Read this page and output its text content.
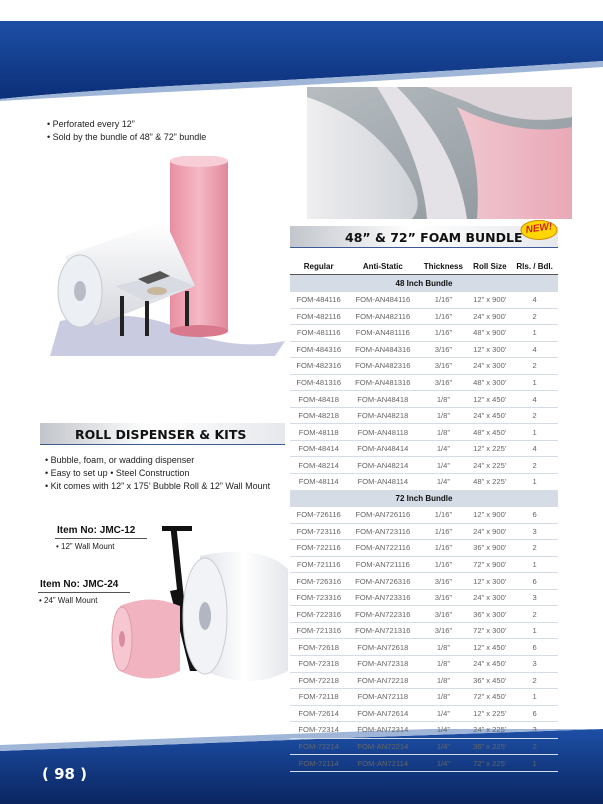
( 98 )
• Perforated every 12”
• Sold by the bundle of 48” & 72” bundle
ROLL DISPENSER & KITS
• Bubble, foam, or wadding dispenser
• Easy to set up • Steel Construction
• Kit comes with 12” x 175’ Bubble Roll & 12” Wall Mount
Item No: JMC-12
• 12” Wall Mount
Item No: JMC-24
• 24” Wall Mount
48” & 72” FOAM BUNDLE
NEW!
Regular	Anti-Static	Thickness	Roll Size	Rls. / Bdl.
48 Inch Bundle				
FOM-484116	FOM-AN484116	1/16”	12” x 900’	4
FOM-482116	FOM-AN482116	1/16”	24” x 900’	2
FOM-481116	FOM-AN481116	1/16”	48” x 900’	1
FOM-484316	FOM-AN484316	3/16”	12” x 300’	4
FOM-482316	FOM-AN482316	3/16”	24” x 300’	2
FOM-481316	FOM-AN481316	3/16”	48” x 300’	1
FOM-48418	FOM-AN48418	1/8”	12” x 450’	4
FOM-48218	FOM-AN48218	1/8”	24” x 450’	2
FOM-48118	FOM-AN48118	1/8”	48” x 450’	1
FOM-48414	FOM-AN48414	1/4”	12” x 225’	4
FOM-48214	FOM-AN48214	1/4”	24” x 225’	2
FOM-48114	FOM-AN48114	1/4”	48” x 225’	1
72 Inch Bundle				
FOM-726116	FOM-AN726116	1/16”	12” x 900’	6
FOM-723116	FOM-AN723116	1/16”	24” x 900’	3
FOM-722116	FOM-AN722116	1/16”	36” x 900’	2
FOM-721116	FOM-AN721116	1/16”	72” x 900’	1
FOM-726316	FOM-AN726316	3/16”	12” x 300’	6
FOM-723316	FOM-AN723316	3/16”	24” x 300’	3
FOM-722316	FOM-AN722316	3/16”	36” x 300’	2
FOM-721316	FOM-AN721316	3/16”	72” x 300’	1
FOM-72618	FOM-AN72618	1/8”	12” x 450’	6
FOM-72318	FOM-AN72318	1/8”	24” x 450’	3
FOM-72218	FOM-AN72218	1/8”	36” x 450’	2
FOM-72118	FOM-AN72118	1/8”	72” x 450’	1
FOM-72614	FOM-AN72614	1/4”	12” x 225’	6
FOM-72314	FOM-AN72314	1/4”	24” x 225’	3
FOM-72214	FOM-AN72214	1/4”	36” x 225’	2
FOM-72114	FOM-AN72114	1/4”	72” x 225’	1
